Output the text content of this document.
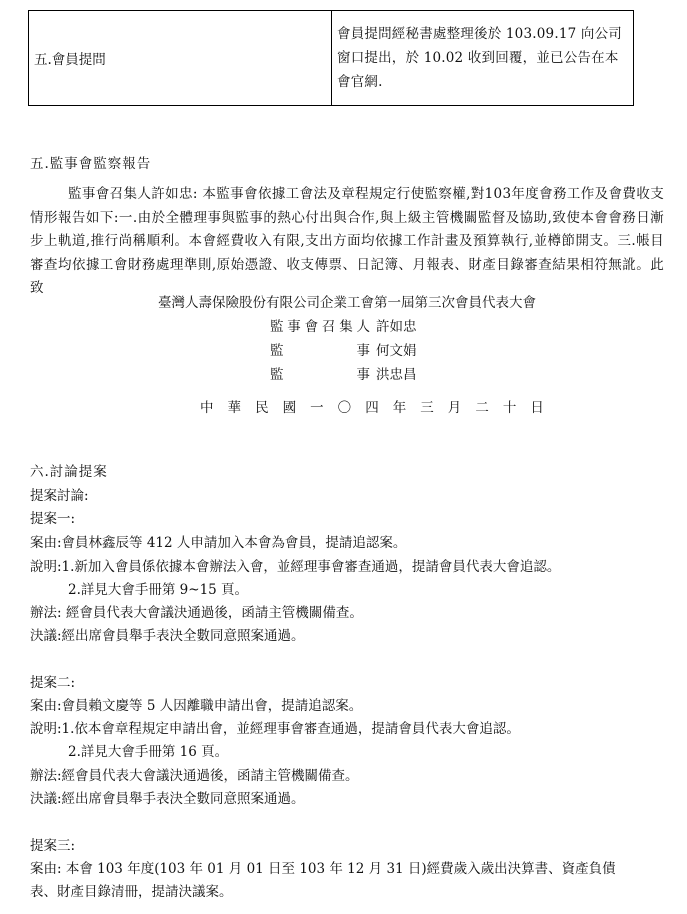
五.會員提問	會員提問經秘書處整理後於 103.09.17 向公司窗口提出，於 10.02 收到回覆，並已公告在本會官網.
五.監事會監察報告
監事會召集人許如忠: 本監事會依據工會法及章程規定行使監察權,對103年度會務工作及會費收支情形報告如下:一.由於全體理事與監事的熱心付出與合作,與上級主管機關監督及協助,致使本會會務日漸步上軌道,推行尚稱順利。本會經費收入有限,支出方面均依據工作計畫及預算執行,並樽節開支。三.帳目審查均依據工會財務處理準則,原始憑證、收支傳票、日記簿、月報表、財產目錄審查結果相符無訛。此致
臺灣人壽保險股份有限公司企業工會第一屆第三次會員代表大會
監 事 會 召 集 人 許如忠
監	事 何文娟
監	事 洪忠昌
中 華 民 國 一 〇 四 年 三 月 二 十 日
六.討論提案
提案討論:
提案一:
案由:會員林鑫辰等 412 人申請加入本會為會員，提請追認案。
說明:1.新加入會員係依據本會辦法入會，並經理事會審查通過，提請會員代表大會追認。
2.詳見大會手冊第 9~15 頁。
辦法: 經會員代表大會議決通過後，函請主管機關備查。
決議:經出席會員舉手表決全數同意照案通過。
提案二:
案由:會員賴文慶等 5 人因離職申請出會，提請追認案。
說明:1.依本會章程規定申請出會，並經理事會審查通過，提請會員代表大會追認。
2.詳見大會手冊第 16 頁。
辦法:經會員代表大會議決通過後，函請主管機關備查。
決議:經出席會員舉手表決全數同意照案通過。
提案三:
案由: 本會 103 年度(103 年 01 月 01 日至 103 年 12 月 31 日)經費歲入歲出決算書、資產負債
表、財產目錄清冊，提請決議案。
